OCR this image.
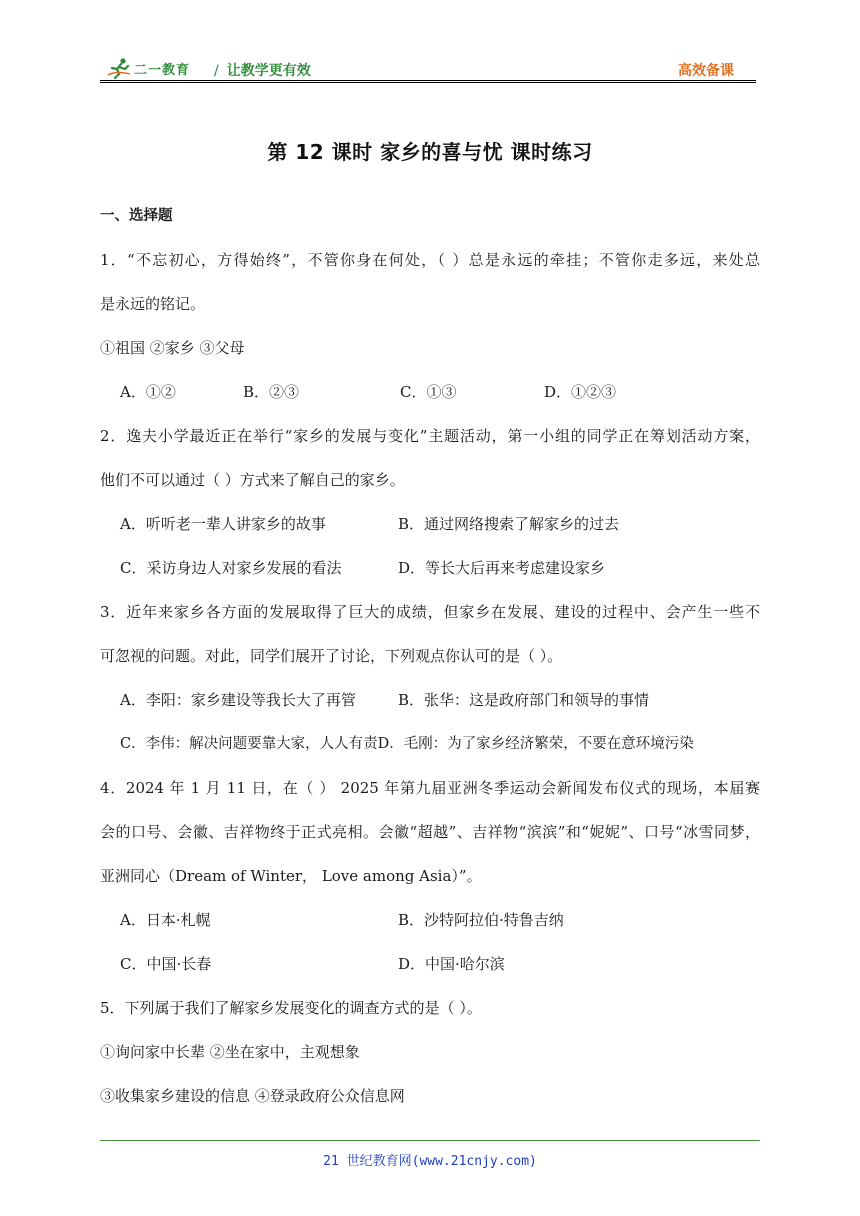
二一教育 / 让教学更有效	高效备课
第 12 课时 家乡的喜与忧 课时练习
一、选择题
1．“不忘初心，方得始终”，不管你身在何处，（ ）总是永远的牵挂；不管你走多远，来处总
是永远的铭记。
①祖国 ②家乡 ③父母
A．①②	B．②③	C．①③	D．①②③
2．逸夫小学最近正在举行“家乡的发展与变化”主题活动，第一小组的同学正在筹划活动方案，
他们不可以通过（ ）方式来了解自己的家乡。
A．听听老一辈人讲家乡的故事	B．通过网络搜索了解家乡的过去
C．采访身边人对家乡发展的看法	D．等长大后再来考虑建设家乡
3．近年来家乡各方面的发展取得了巨大的成绩，但家乡在发展、建设的过程中、会产生一些不
可忽视的问题。对此，同学们展开了讨论，下列观点你认可的是（ ）。
A．李阳：家乡建设等我长大了再管	B．张华：这是政府部门和领导的事情
C．李伟：解决问题要靠大家，人人有责 D．毛刚：为了家乡经济繁荣，不要在意环境污染
4．2024 年 1 月 11 日，在（ ） 2025 年第九届亚洲冬季运动会新闻发布仪式的现场，本届赛
会的口号、会徽、吉祥物终于正式亮相。会徽“超越”、吉祥物“滨滨”和“妮妮”、口号“冰雪同梦，
亚洲同心（Dream of Winter， Love among Asia）”。
A．日本·札幌	B．沙特阿拉伯·特鲁吉纳
C．中国·长春	D．中国·哈尔滨
5．下列属于我们了解家乡发展变化的调查方式的是（ ）。
①询问家中长辈 ②坐在家中，主观想象
③收集家乡建设的信息 ④登录政府公众信息网
21 世纪教育网(www.21cnjy.com)
